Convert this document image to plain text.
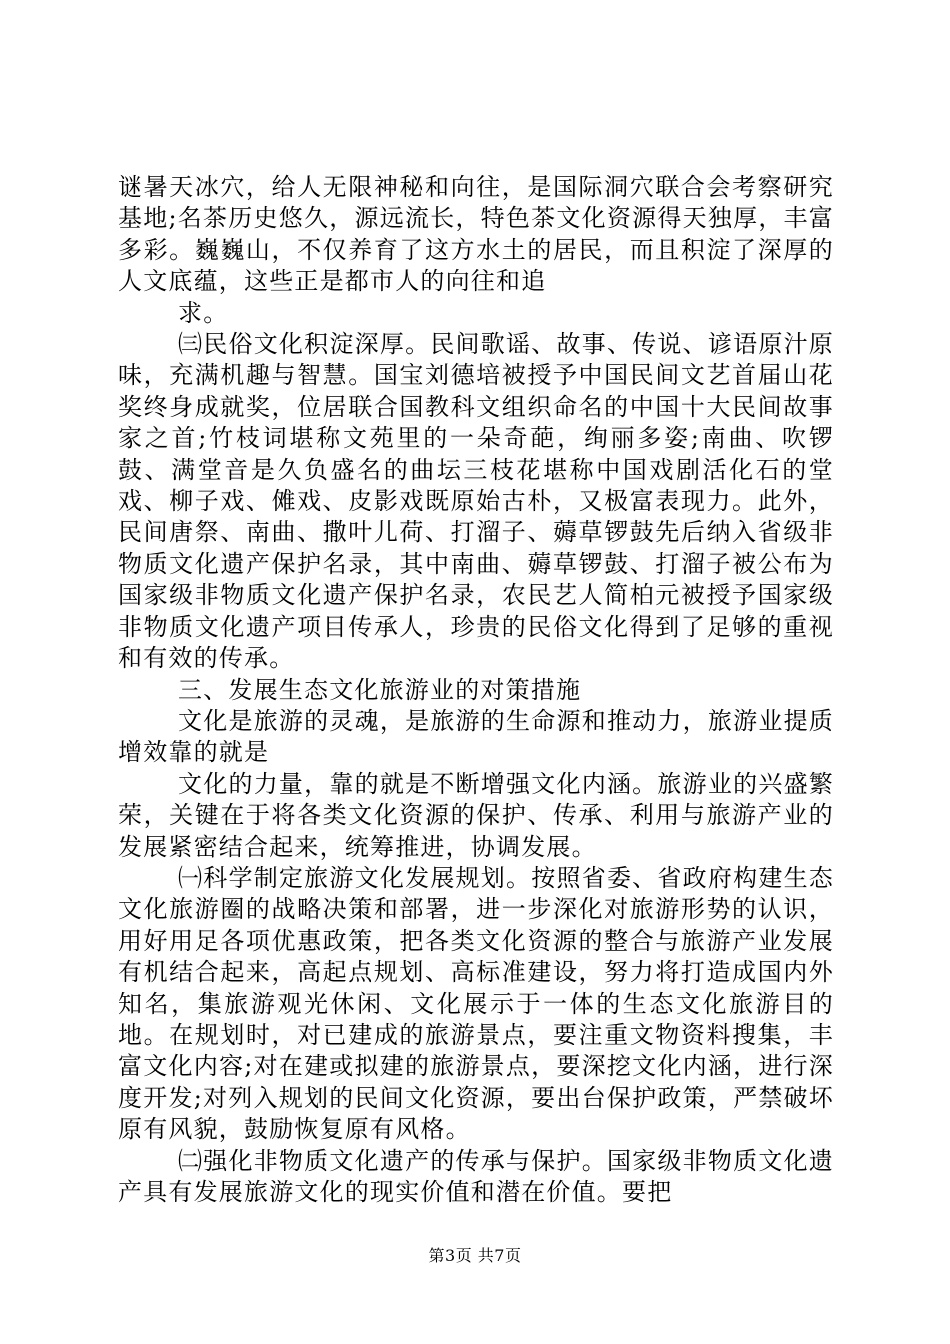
谜暑天冰穴，给人无限神秘和向往，是国际洞穴联合会考察研究基地;名茶历史悠久，源远流长，特色茶文化资源得天独厚，丰富多彩。巍巍山，不仅养育了这方水土的居民，而且积淀了深厚的人文底蕴，这些正是都市人的向往和追

求。

㈢民俗文化积淀深厚。民间歌谣、故事、传说、谚语原汁原味，充满机趣与智慧。国宝刘德培被授予中国民间文艺首届山花奖终身成就奖，位居联合国教科文组织命名的中国十大民间故事家之首;竹枝词堪称文苑里的一朵奇葩，绚丽多姿;南曲、吹锣鼓、满堂音是久负盛名的曲坛三枝花堪称中国戏剧活化石的堂戏、柳子戏、傩戏、皮影戏既原始古朴，又极富表现力。此外，民间唐祭、南曲、撒叶儿荷、打溜子、薅草锣鼓先后纳入省级非物质文化遗产保护名录，其中南曲、薅草锣鼓、打溜子被公布为国家级非物质文化遗产保护名录，农民艺人简柏元被授予国家级非物质文化遗产项目传承人，珍贵的民俗文化得到了足够的重视和有效的传承。

三、发展生态文化旅游业的对策措施

文化是旅游的灵魂，是旅游的生命源和推动力，旅游业提质增效靠的就是

文化的力量，靠的就是不断增强文化内涵。旅游业的兴盛繁荣，关键在于将各类文化资源的保护、传承、利用与旅游产业的发展紧密结合起来，统筹推进，协调发展。

㈠科学制定旅游文化发展规划。按照省委、省政府构建生态文化旅游圈的战略决策和部署，进一步深化对旅游形势的认识，用好用足各项优惠政策，把各类文化资源的整合与旅游产业发展有机结合起来，高起点规划、高标准建设，努力将打造成国内外知名，集旅游观光休闲、文化展示于一体的生态文化旅游目的地。在规划时，对已建成的旅游景点，要注重文物资料搜集，丰富文化内容;对在建或拟建的旅游景点，要深挖文化内涵，进行深度开发;对列入规划的民间文化资源，要出台保护政策，严禁破坏原有风貌，鼓励恢复原有风格。

㈡强化非物质文化遗产的传承与保护。国家级非物质文化遗产具有发展旅游文化的现实价值和潜在价值。要把

第3页 共7页
